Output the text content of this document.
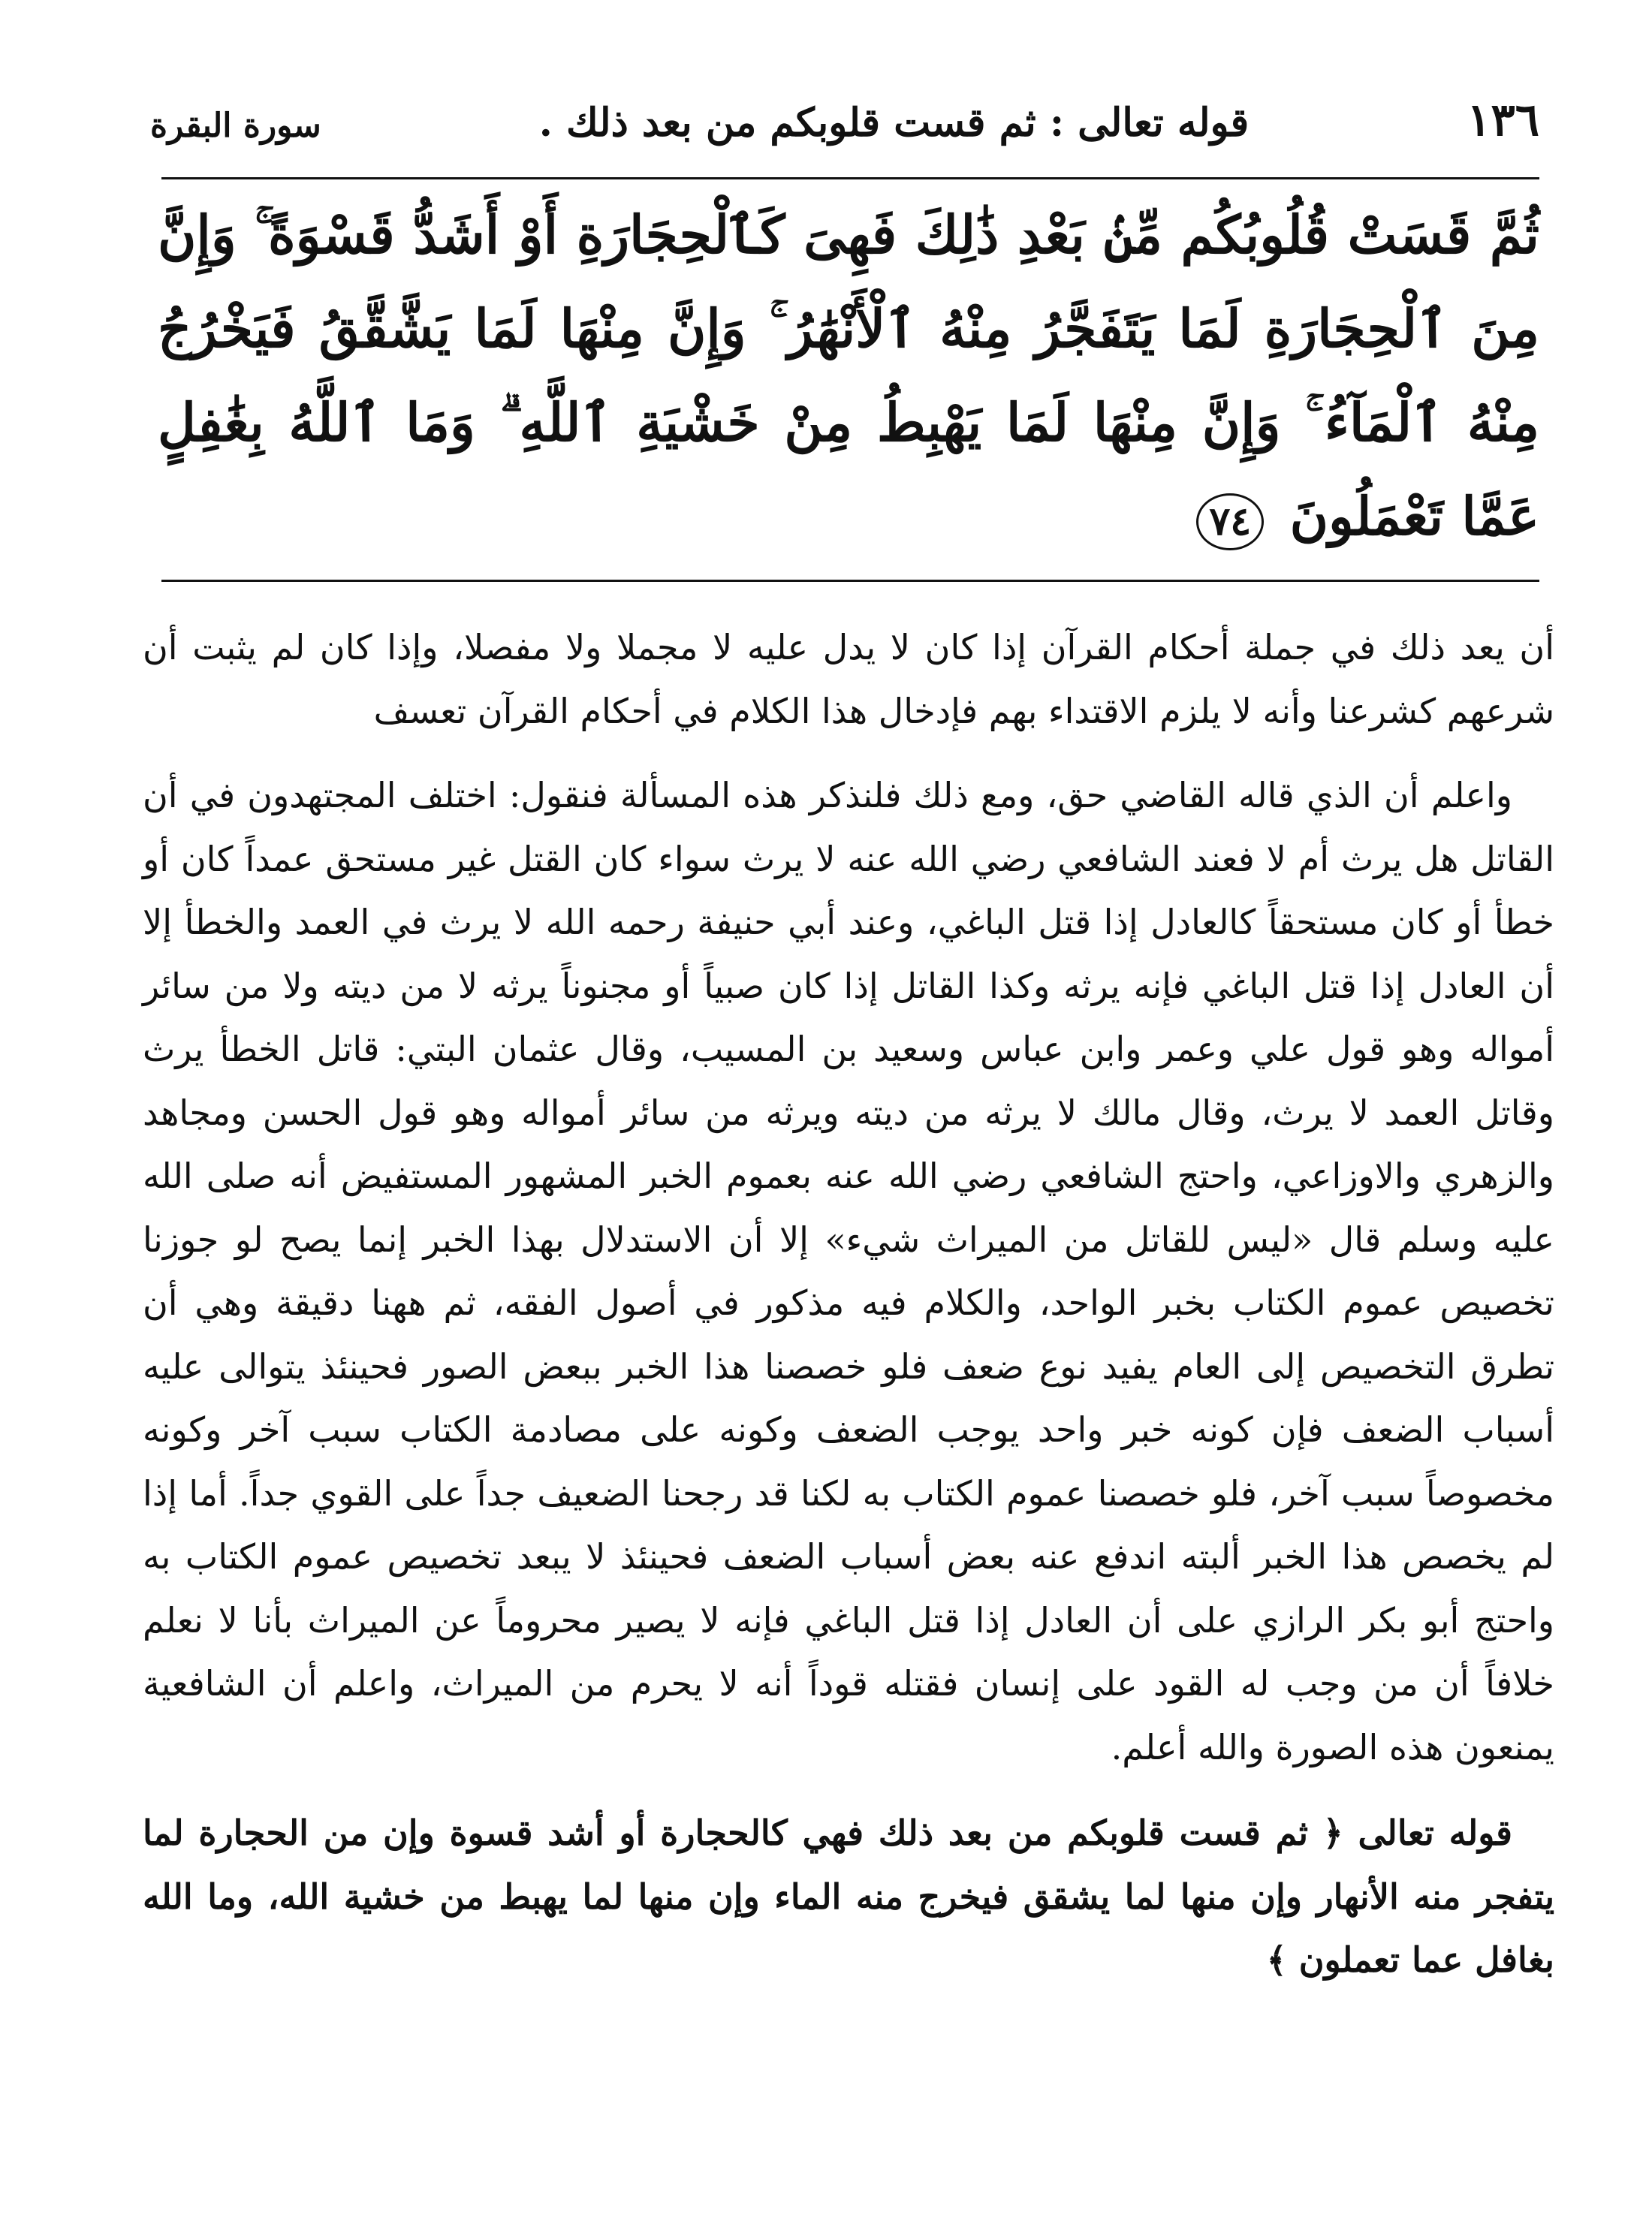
١٣٦
قوله تعالى : ثم قست قلوبكم من بعد ذلك .
سورة البقرة
ثُمَّ قَسَتْ قُلُوبُكُم مِّنۢ بَعْدِ ذَٰلِكَ فَهِىَ كَٱلْحِجَارَةِ أَوْ أَشَدُّ قَسْوَةً ۚ وَإِنَّ مِنَ ٱلْحِجَارَةِ لَمَا يَتَفَجَّرُ مِنْهُ ٱلْأَنْهَٰرُ ۚ وَإِنَّ مِنْهَا لَمَا يَشَّقَّقُ فَيَخْرُجُ مِنْهُ ٱلْمَآءُ ۚ وَإِنَّ مِنْهَا لَمَا يَهْبِطُ مِنْ خَشْيَةِ ٱللَّهِ ۗ وَمَا ٱللَّهُ بِغَٰفِلٍ عَمَّا تَعْمَلُونَ ٧٤

أن يعد ذلك في جملة أحكام القرآن إذا كان لا يدل عليه لا مجملا ولا مفصلا، وإذا كان لم يثبت أن شرعهم كشرعنا وأنه لا يلزم الاقتداء بهم فإدخال هذا الكلام في أحكام القرآن تعسف

واعلم أن الذي قاله القاضي حق، ومع ذلك فلنذكر هذه المسألة فنقول: اختلف المجتهدون في أن القاتل هل يرث أم لا فعند الشافعي رضي الله عنه لا يرث سواء كان القتل غير مستحق عمداً كان أو خطأ أو كان مستحقاً كالعادل إذا قتل الباغي، وعند أبي حنيفة رحمه الله لا يرث في العمد والخطأ إلا أن العادل إذا قتل الباغي فإنه يرثه وكذا القاتل إذا كان صبياً أو مجنوناً يرثه لا من ديته ولا من سائر أمواله وهو قول علي وعمر وابن عباس وسعيد بن المسيب، وقال عثمان البتي: قاتل الخطأ يرث وقاتل العمد لا يرث، وقال مالك لا يرثه من ديته ويرثه من سائر أمواله وهو قول الحسن ومجاهد والزهري والاوزاعي، واحتج الشافعي رضي الله عنه بعموم الخبر المشهور المستفيض أنه صلى الله عليه وسلم قال «ليس للقاتل من الميراث شيء» إلا أن الاستدلال بهذا الخبر إنما يصح لو جوزنا تخصيص عموم الكتاب بخبر الواحد، والكلام فيه مذكور في أصول الفقه، ثم ههنا دقيقة وهي أن تطرق التخصيص إلى العام يفيد نوع ضعف فلو خصصنا هذا الخبر ببعض الصور فحينئذ يتوالى عليه أسباب الضعف فإن كونه خبر واحد يوجب الضعف وكونه على مصادمة الكتاب سبب آخر وكونه مخصوصاً سبب آخر، فلو خصصنا عموم الكتاب به لكنا قد رجحنا الضعيف جداً على القوي جداً. أما إذا لم يخصص هذا الخبر ألبته اندفع عنه بعض أسباب الضعف فحينئذ لا يبعد تخصيص عموم الكتاب به واحتج أبو بكر الرازي على أن العادل إذا قتل الباغي فإنه لا يصير محروماً عن الميراث بأنا لا نعلم خلافاً أن من وجب له القود على إنسان فقتله قوداً أنه لا يحرم من الميراث، واعلم أن الشافعية يمنعون هذه الصورة والله أعلم.

قوله تعالى ﴿ ثم قست قلوبكم من بعد ذلك فهي كالحجارة أو أشد قسوة وإن من الحجارة لما يتفجر منه الأنهار وإن منها لما يشقق فيخرج منه الماء وإن منها لما يهبط من خشية الله، وما الله بغافل عما تعملون ﴾
